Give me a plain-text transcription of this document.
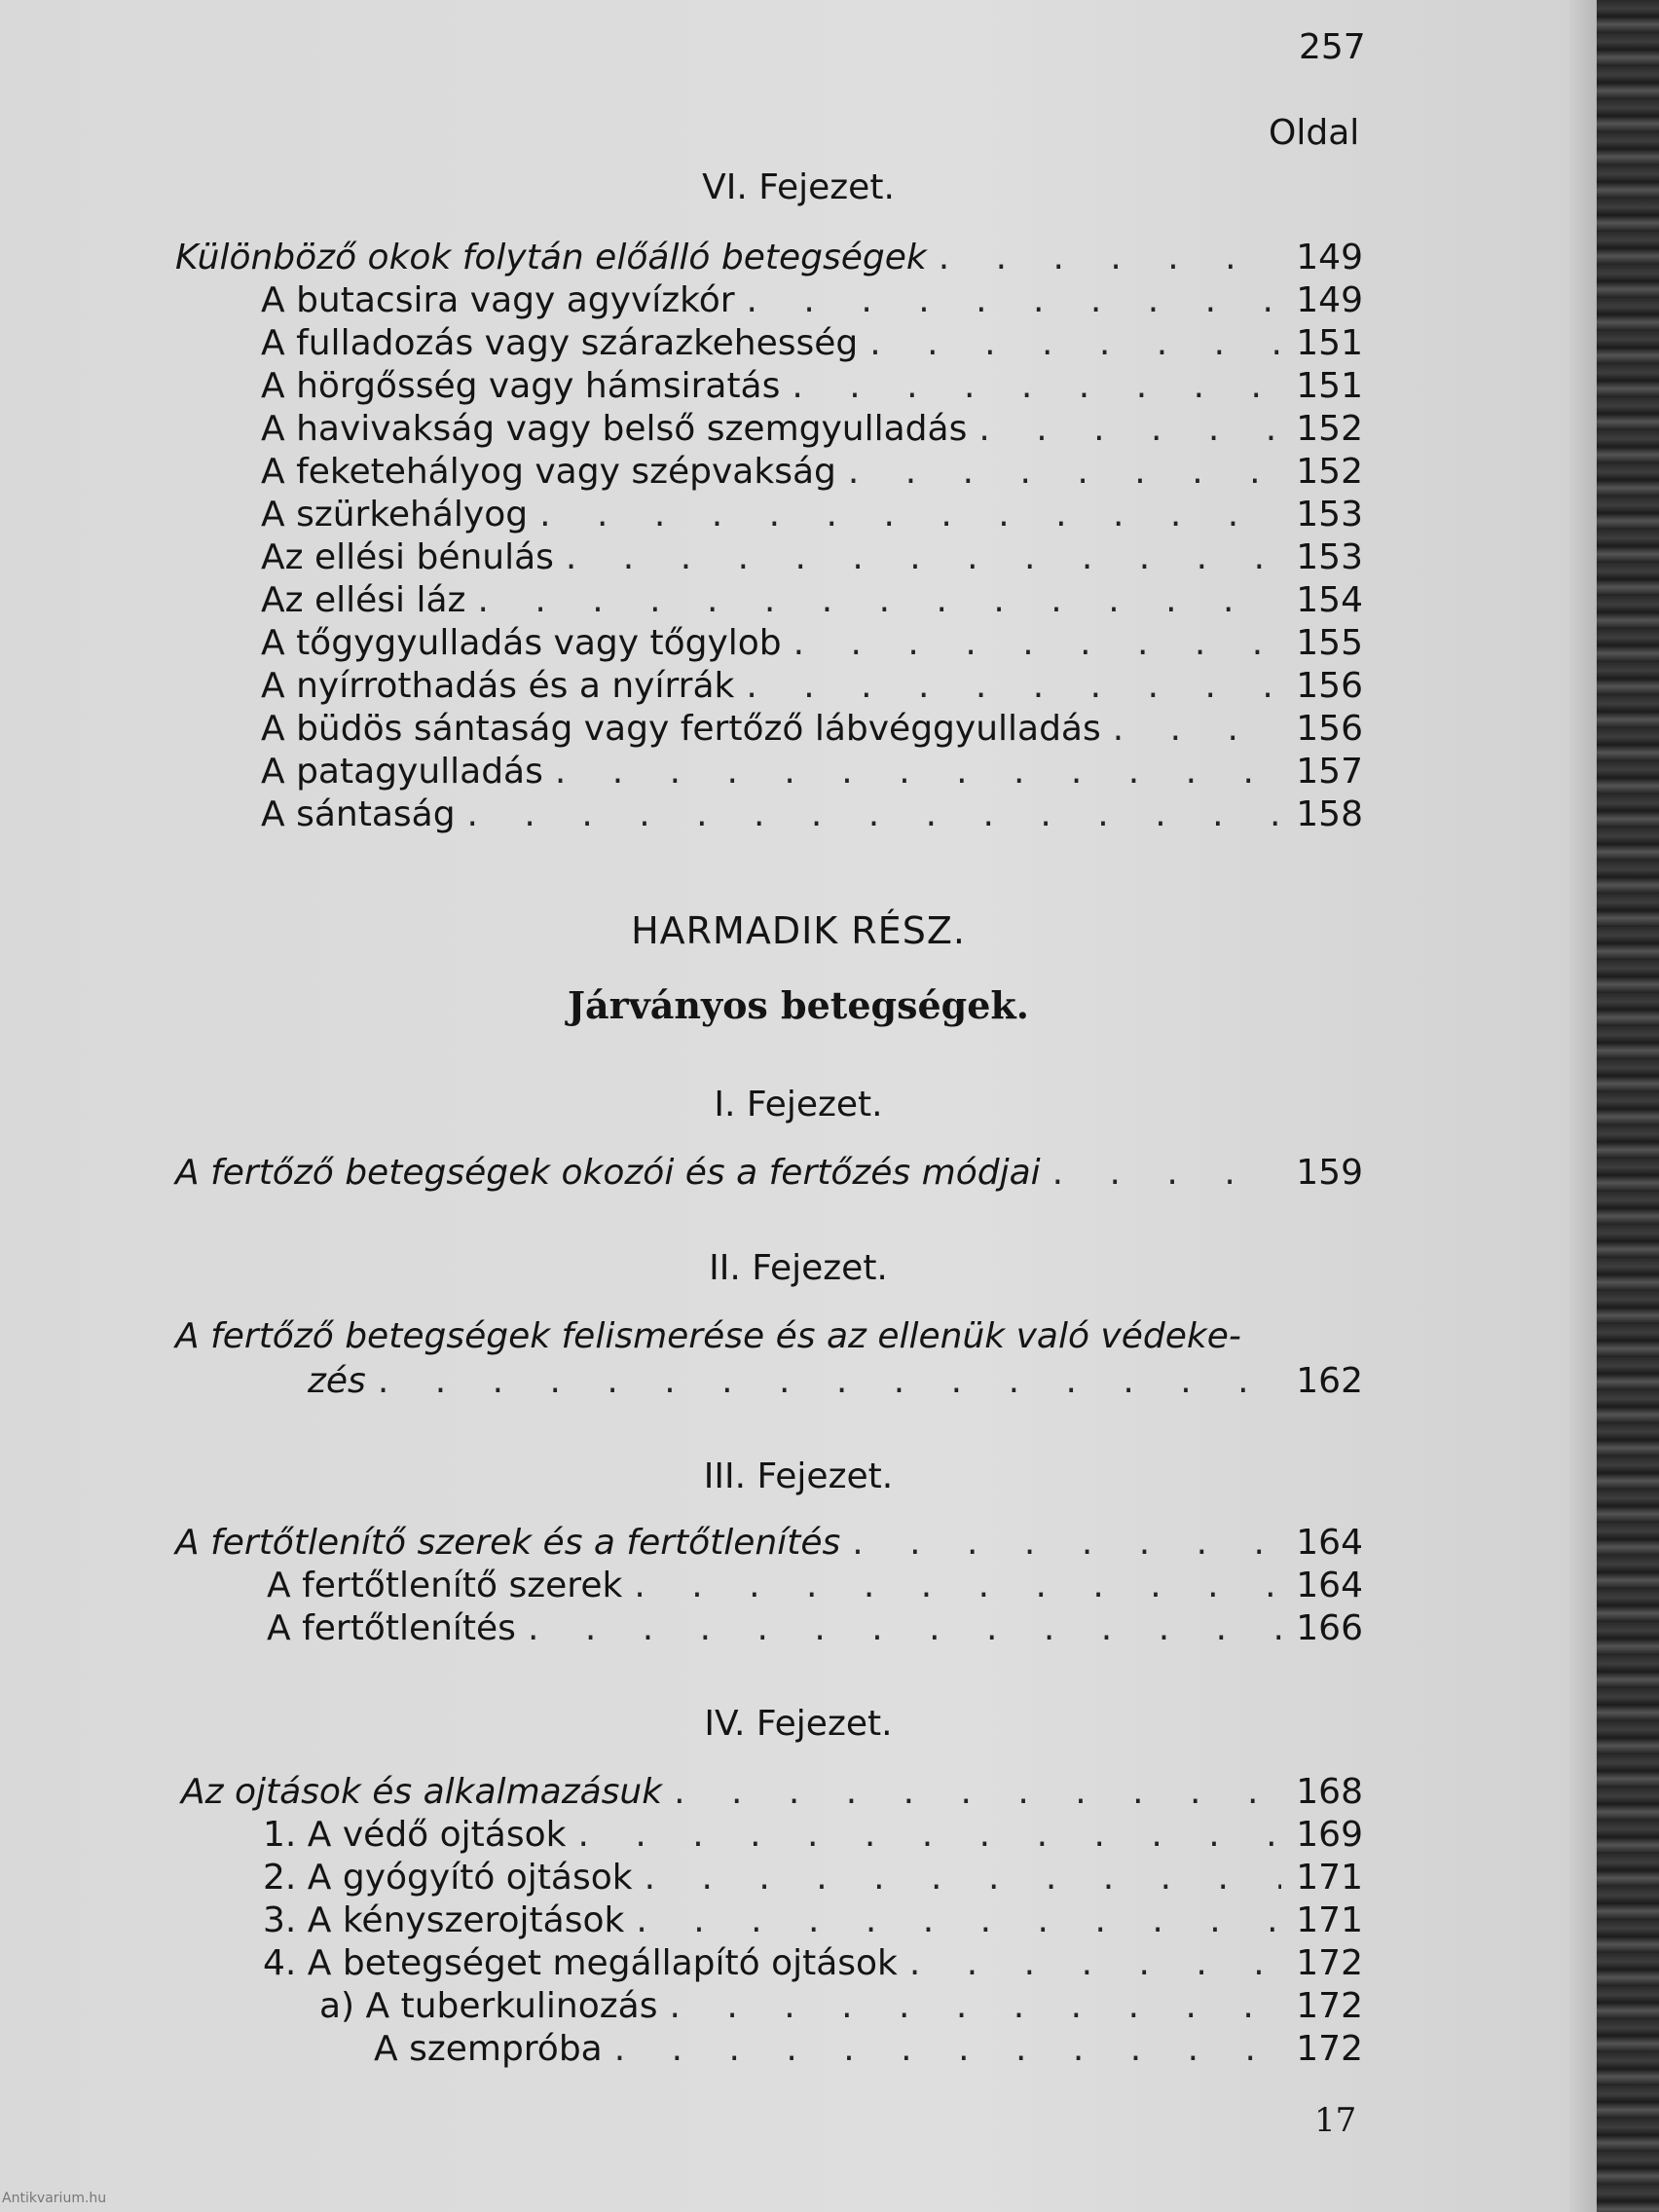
257
Oldal
VI. Fejezet.
Különböző okok folytán előálló betegségek . . .	149
A butacsira vagy agyvízkór . . .	149
A fulladozás vagy szárazkehesség . . .	151
A hörgősség vagy hámsiratás . . .	151
A havivakság vagy belső szemgyulladás . . .	152
A feketehályog vagy szépvakság . . .	152
A szürkehályog . . .	153
Az ellési bénulás . . .	153
Az ellési láz . . .	154
A tőgygyulladás vagy tőgylob . . .	155
A nyírrothadás és a nyírrák . . .	156
A büdös sántaság vagy fertőző lábvéggyulladás . . .	156
A patagyulladás . . .	157
A sántaság . . .	158
HARMADIK RÉSZ.
Járványos betegségek.
I. Fejezet.
A fertőző betegségek okozói és a fertőzés módjai . . .	159
II. Fejezet.
A fertőző betegségek felismerése és az ellenük való védeke-
zés . . .	162
III. Fejezet.
A fertőtlenítő szerek és a fertőtlenítés . . .	164
A fertőtlenítő szerek . . .	164
A fertőtlenítés . . .	166
IV. Fejezet.
Az ojtások és alkalmazásuk . . .	168
1. A védő ojtások . . .	169
2. A gyógyító ojtások . . .	171
3. A kényszerojtások . . .	171
4. A betegséget megállapító ojtások . . .	172
a) A tuberkulinozás . . .	172
A szempróba . . .	172
17
Antikvarium.hu
